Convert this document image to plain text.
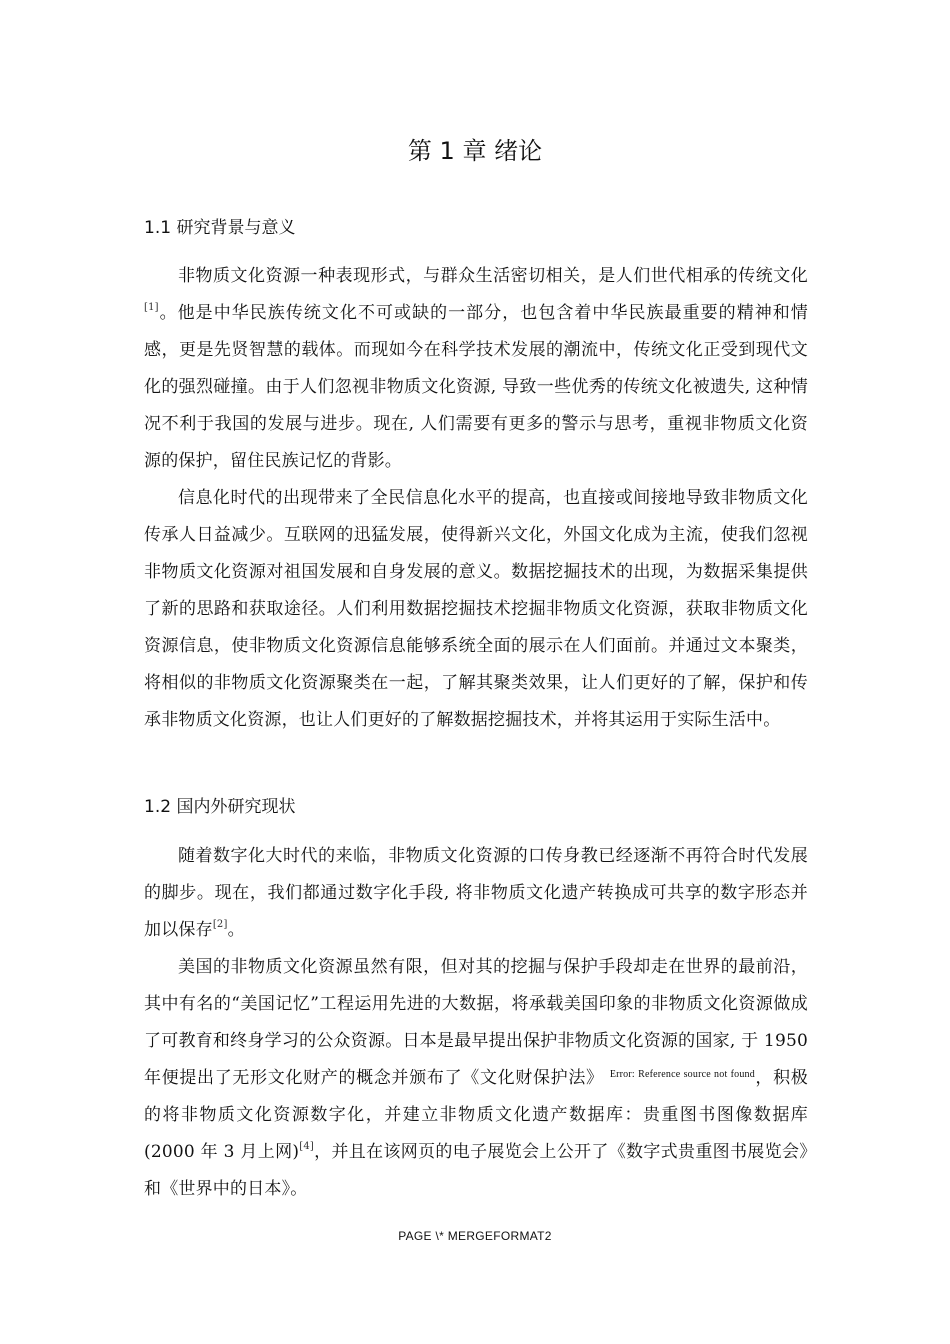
第 1 章 绪论
1.1 研究背景与意义

非物质文化资源一种表现形式，与群众生活密切相关，是人们世代相承的传统文化[1]。他是中华民族传统文化不可或缺的一部分，也包含着中华民族最重要的精神和情感，更是先贤智慧的载体。而现如今在科学技术发展的潮流中，传统文化正受到现代文化的强烈碰撞。由于人们忽视非物质文化资源, 导致一些优秀的传统文化被遗失, 这种情况不利于我国的发展与进步。现在, 人们需要有更多的警示与思考，重视非物质文化资源的保护，留住民族记忆的背影。

信息化时代的出现带来了全民信息化水平的提高，也直接或间接地导致非物质文化传承人日益减少。互联网的迅猛发展，使得新兴文化，外国文化成为主流，使我们忽视非物质文化资源对祖国发展和自身发展的意义。数据挖掘技术的出现，为数据采集提供了新的思路和获取途径。人们利用数据挖掘技术挖掘非物质文化资源，获取非物质文化资源信息，使非物质文化资源信息能够系统全面的展示在人们面前。并通过文本聚类，将相似的非物质文化资源聚类在一起，了解其聚类效果，让人们更好的了解，保护和传承非物质文化资源，也让人们更好的了解数据挖掘技术，并将其运用于实际生活中。

1.2 国内外研究现状

随着数字化大时代的来临，非物质文化资源的口传身教已经逐渐不再符合时代发展的脚步。现在，我们都通过数字化手段, 将非物质文化遗产转换成可共享的数字形态并加以保存[2]。

美国的非物质文化资源虽然有限，但对其的挖掘与保护手段却走在世界的最前沿，其中有名的“美国记忆”工程运用先进的大数据，将承载美国印象的非物质文化资源做成了可教育和终身学习的公众资源。日本是最早提出保护非物质文化资源的国家, 于 1950 年便提出了无形文化财产的概念并颁布了《文化财保护法》 $^{Error: Reference source not found}$，积极的将非物质文化资源数字化，并建立非物质文化遗产数据库：贵重图书图像数据库 (2000 年 3 月上网)[4]，并且在该网页的电子展览会上公开了《数字式贵重图书展览会》和《世界中的日本》。

PAGE \* MERGEFORMAT2
